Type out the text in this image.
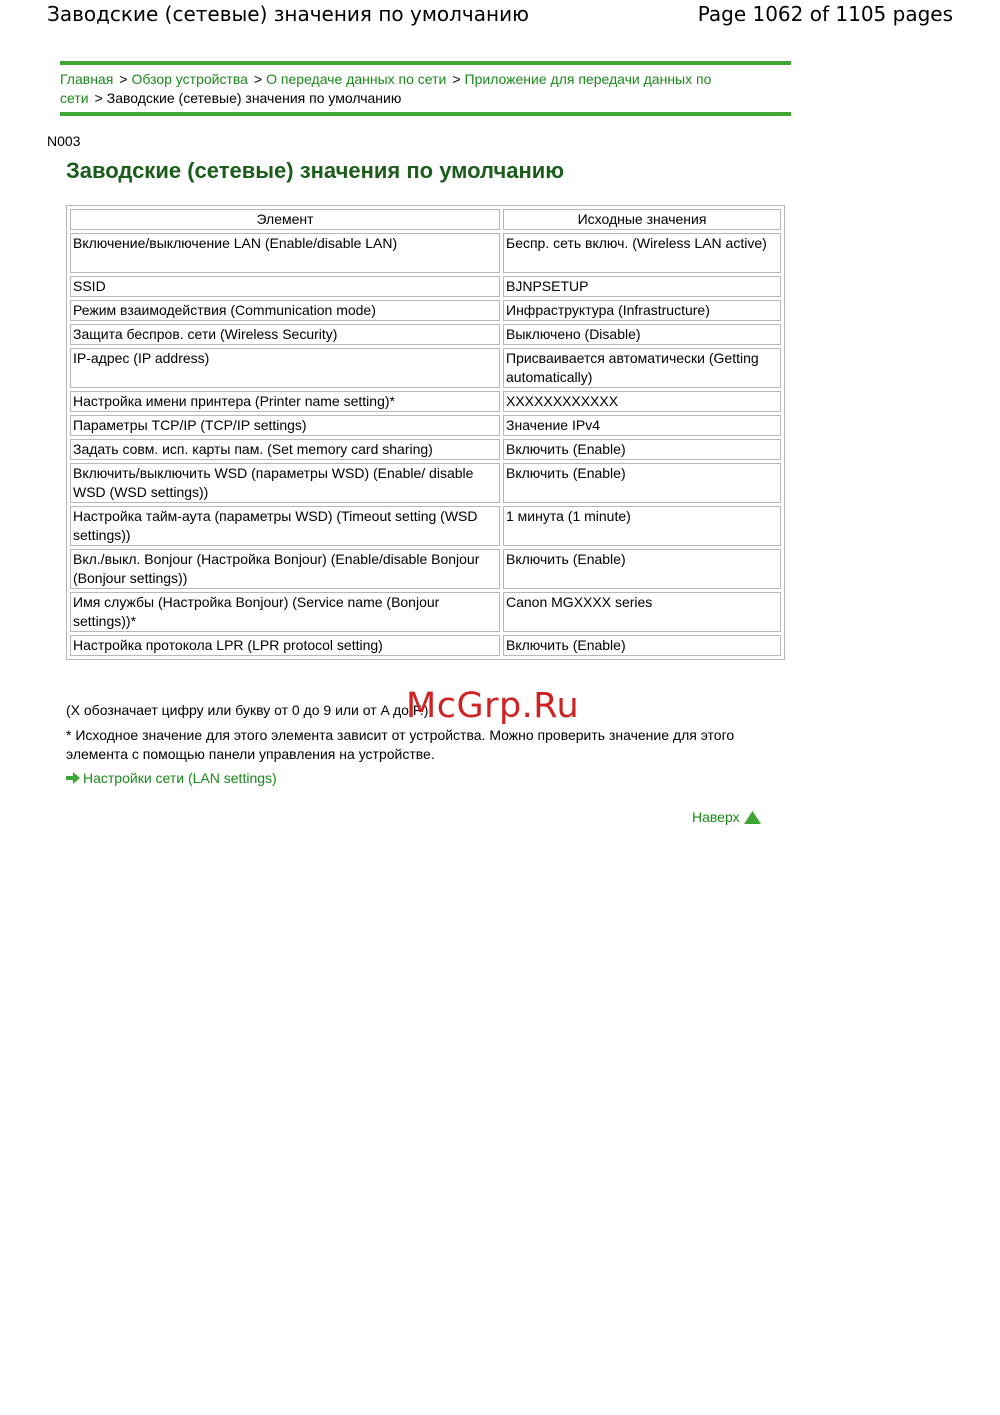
Заводские (сетевые) значения по умолчанию	Page 1062 of 1105 pages
Главная > Обзор устройства > О передаче данных по сети > Приложение для передачи данных по сети > Заводские (сетевые) значения по умолчанию
N003
Заводские (сетевые) значения по умолчанию
Элемент	Исходные значения
Включение/выключение LAN (Enable/disable LAN)	Беспр. сеть включ. (Wireless LAN active)
SSID	BJNPSETUP
Режим взаимодействия (Communication mode)	Инфраструктура (Infrastructure)
Защита беспров. сети (Wireless Security)	Выключено (Disable)
IP-адрес (IP address)	Присваивается автоматически (Getting automatically)
Настройка имени принтера (Printer name setting)*	XXXXXXXXXXXX
Параметры TCP/IP (TCP/IP settings)	Значение IPv4
Задать совм. исп. карты пам. (Set memory card sharing)	Включить (Enable)
Включить/выключить WSD (параметры WSD) (Enable/ disable WSD (WSD settings))	Включить (Enable)
Настройка тайм-аута (параметры WSD) (Timeout setting (WSD settings))	1 минута (1 minute)
Вкл./выкл. Bonjour (Настройка Bonjour) (Enable/disable Bonjour (Bonjour settings))	Включить (Enable)
Имя службы (Настройка Bonjour) (Service name (Bonjour settings))*	Canon MGXXXX series
Настройка протокола LPR (LPR protocol setting)	Включить (Enable)
(X обозначает цифру или букву от 0 до 9 или от A до F.)
* Исходное значение для этого элемента зависит от устройства. Можно проверить значение для этого элемента с помощью панели управления на устройстве.
Настройки сети (LAN settings)
Наверх
McGrp.Ru
